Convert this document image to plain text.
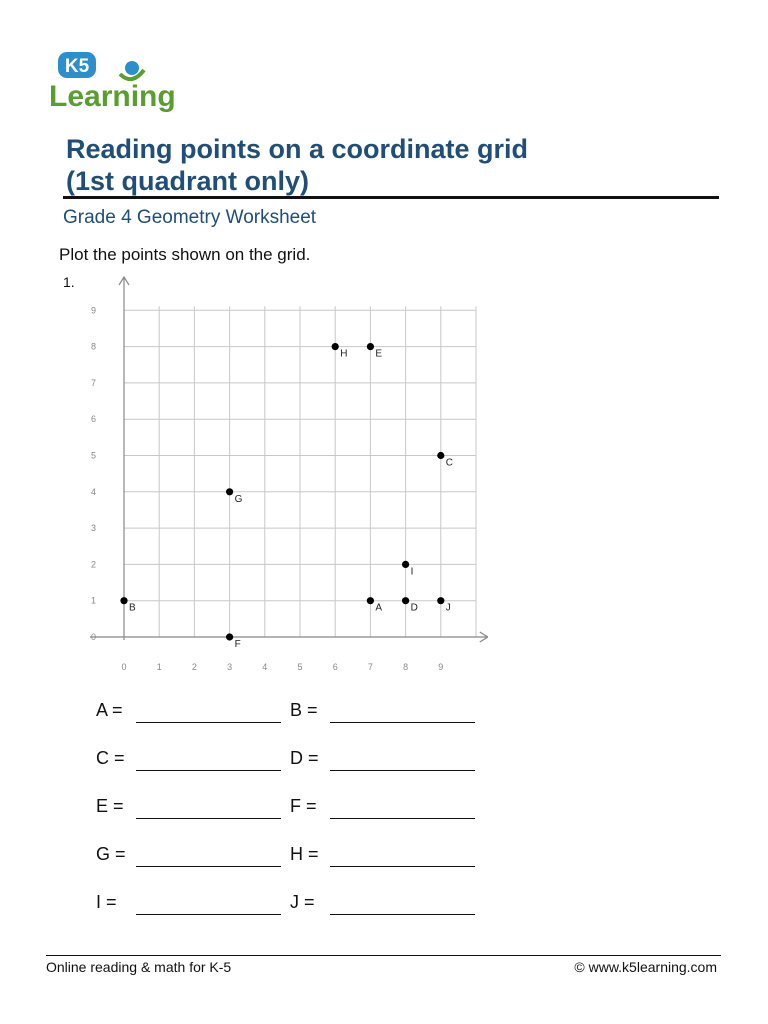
K5
Learning
Reading points on a coordinate grid
(1st quadrant only)
Grade 4 Geometry Worksheet
Plot the points shown on the grid.
1.
0	1	2	3	4	5	6	7	8	9
0
1
2
3
4
5
6
7
8
9
A
B
C
D
E
F
G
H
I
J
A =	B =
C =	D =
E =	F =
G =	H =
I =	J =
Online reading & math for K-5	© www.k5learning.com
